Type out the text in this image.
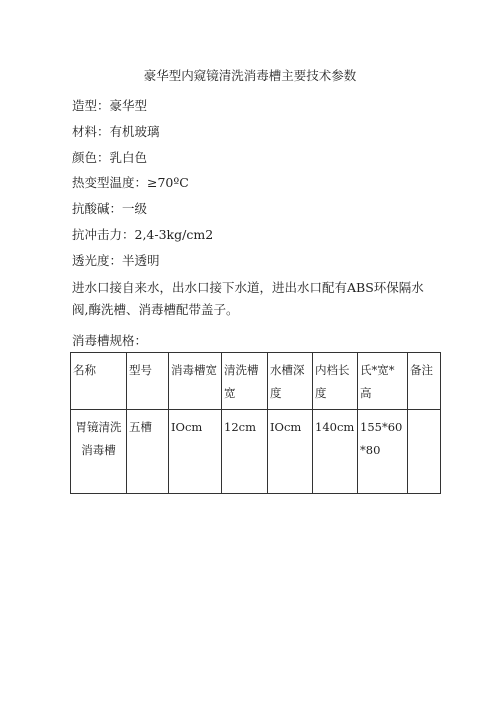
豪华型内窥镜清洗消毒槽主要技术参数
造型：豪华型
材料：有机玻璃
颜色：乳白色
热变型温度：≥70ºC
抗酸碱：一级
抗冲击力：2,4-3kg/cm2
透光度：半透明
进水口接自来水，出水口接下水道，进出水口配有ABS环保隔水阀,酶洗槽、消毒槽配带盖子。
消毒槽规格：
名称	型号	消毒槽宽	清洗槽宽	水槽深度	内档长度	氏*宽*高	备注
胃镜清洗消毒槽	五槽	IOcm	12cm	IOcm	140cm	155*60*80	
